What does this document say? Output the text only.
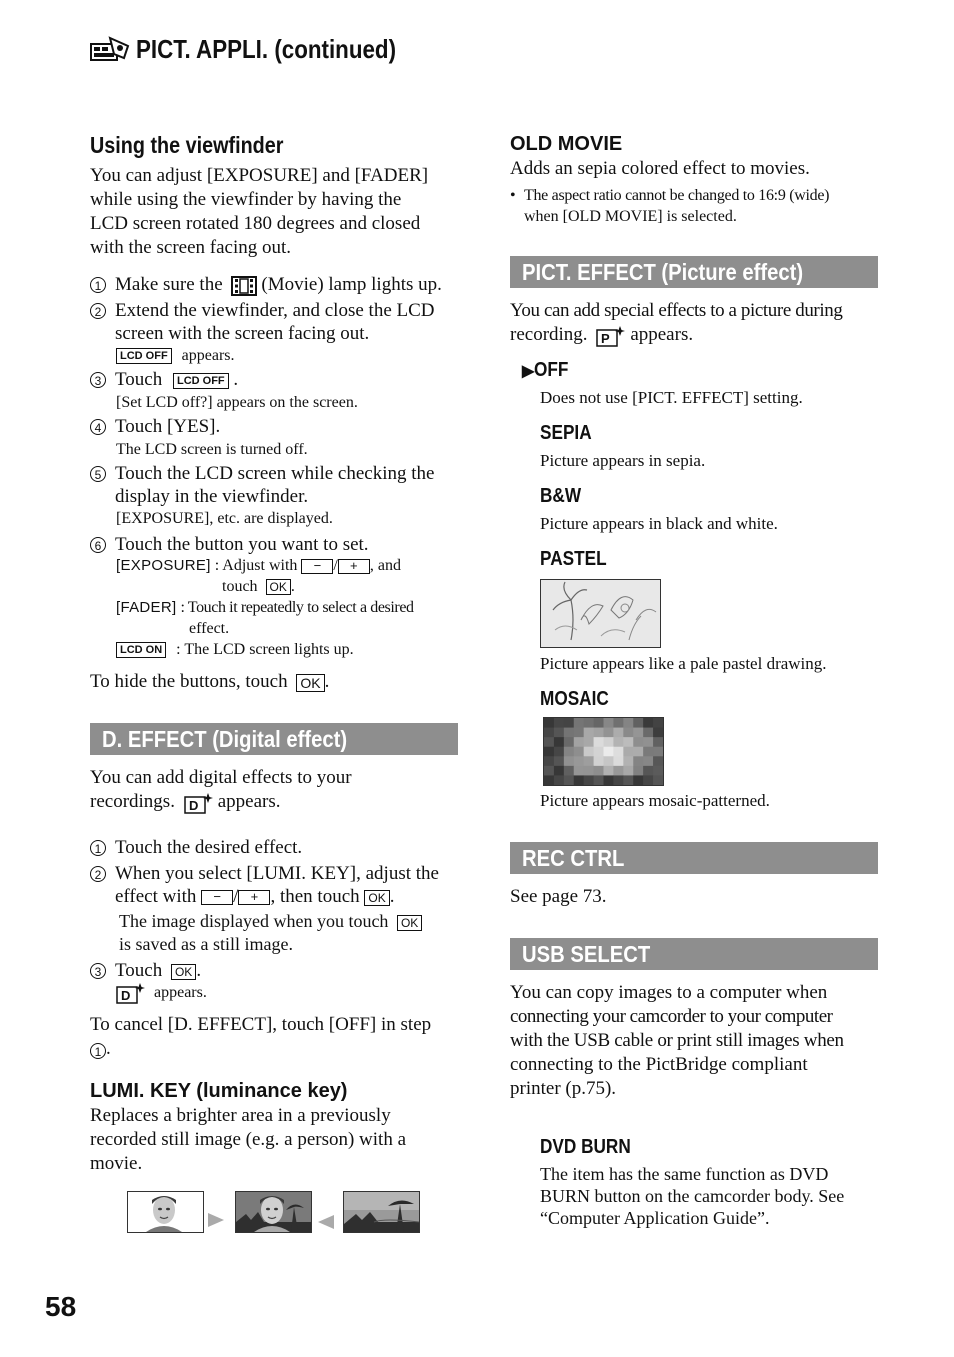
PICT. APPLI. (continued)
Using the viewfinder
You can adjust [EXPOSURE] and [FADER]
while using the viewfinder by having the
LCD screen rotated 180 degrees and closed
with the screen facing out.
1 Make sure the (Movie) lamp lights up.
2 Extend the viewfinder, and close the LCD
screen with the screen facing out.
LCD OFF appears.
3 Touch LCD OFF .
[Set LCD off?] appears on the screen.
4 Touch [YES].
The LCD screen is turned off.
5 Touch the LCD screen while checking the
display in the viewfinder.
[EXPOSURE], etc. are displayed.
6 Touch the button you want to set.
[EXPOSURE] : Adjust with − / + , and
touch OK .
[FADER] : Touch it repeatedly to select a desired
effect.
LCD ON : The LCD screen lights up.
To hide the buttons, touch OK .
D. EFFECT (Digital effect)
You can add digital effects to your
recordings. D appears.
1 Touch the desired effect.
2 When you select [LUMI. KEY], adjust the
effect with − / + , then touch OK .
The image displayed when you touch OK
is saved as a still image.
3 Touch OK .
D appears.
To cancel [D. EFFECT], touch [OFF] in step
1 .
LUMI. KEY (luminance key)
Replaces a brighter area in a previously
recorded still image (e.g. a person) with a
movie.
OLD MOVIE
Adds an sepia colored effect to movies.
• The aspect ratio cannot be changed to 16:9 (wide)
when [OLD MOVIE] is selected.
PICT. EFFECT (Picture effect)
You can add special effects to a picture during
recording. P appears.
▶OFF
Does not use [PICT. EFFECT] setting.
SEPIA
Picture appears in sepia.
B&W
Picture appears in black and white.
PASTEL
Picture appears like a pale pastel drawing.
MOSAIC
Picture appears mosaic-patterned.
REC CTRL
See page 73.
USB SELECT
You can copy images to a computer when
connecting your camcorder to your computer
with the USB cable or print still images when
connecting to the PictBridge compliant
printer (p.75).
DVD BURN
The item has the same function as DVD
BURN button on the camcorder body. See
“Computer Application Guide”.
58
